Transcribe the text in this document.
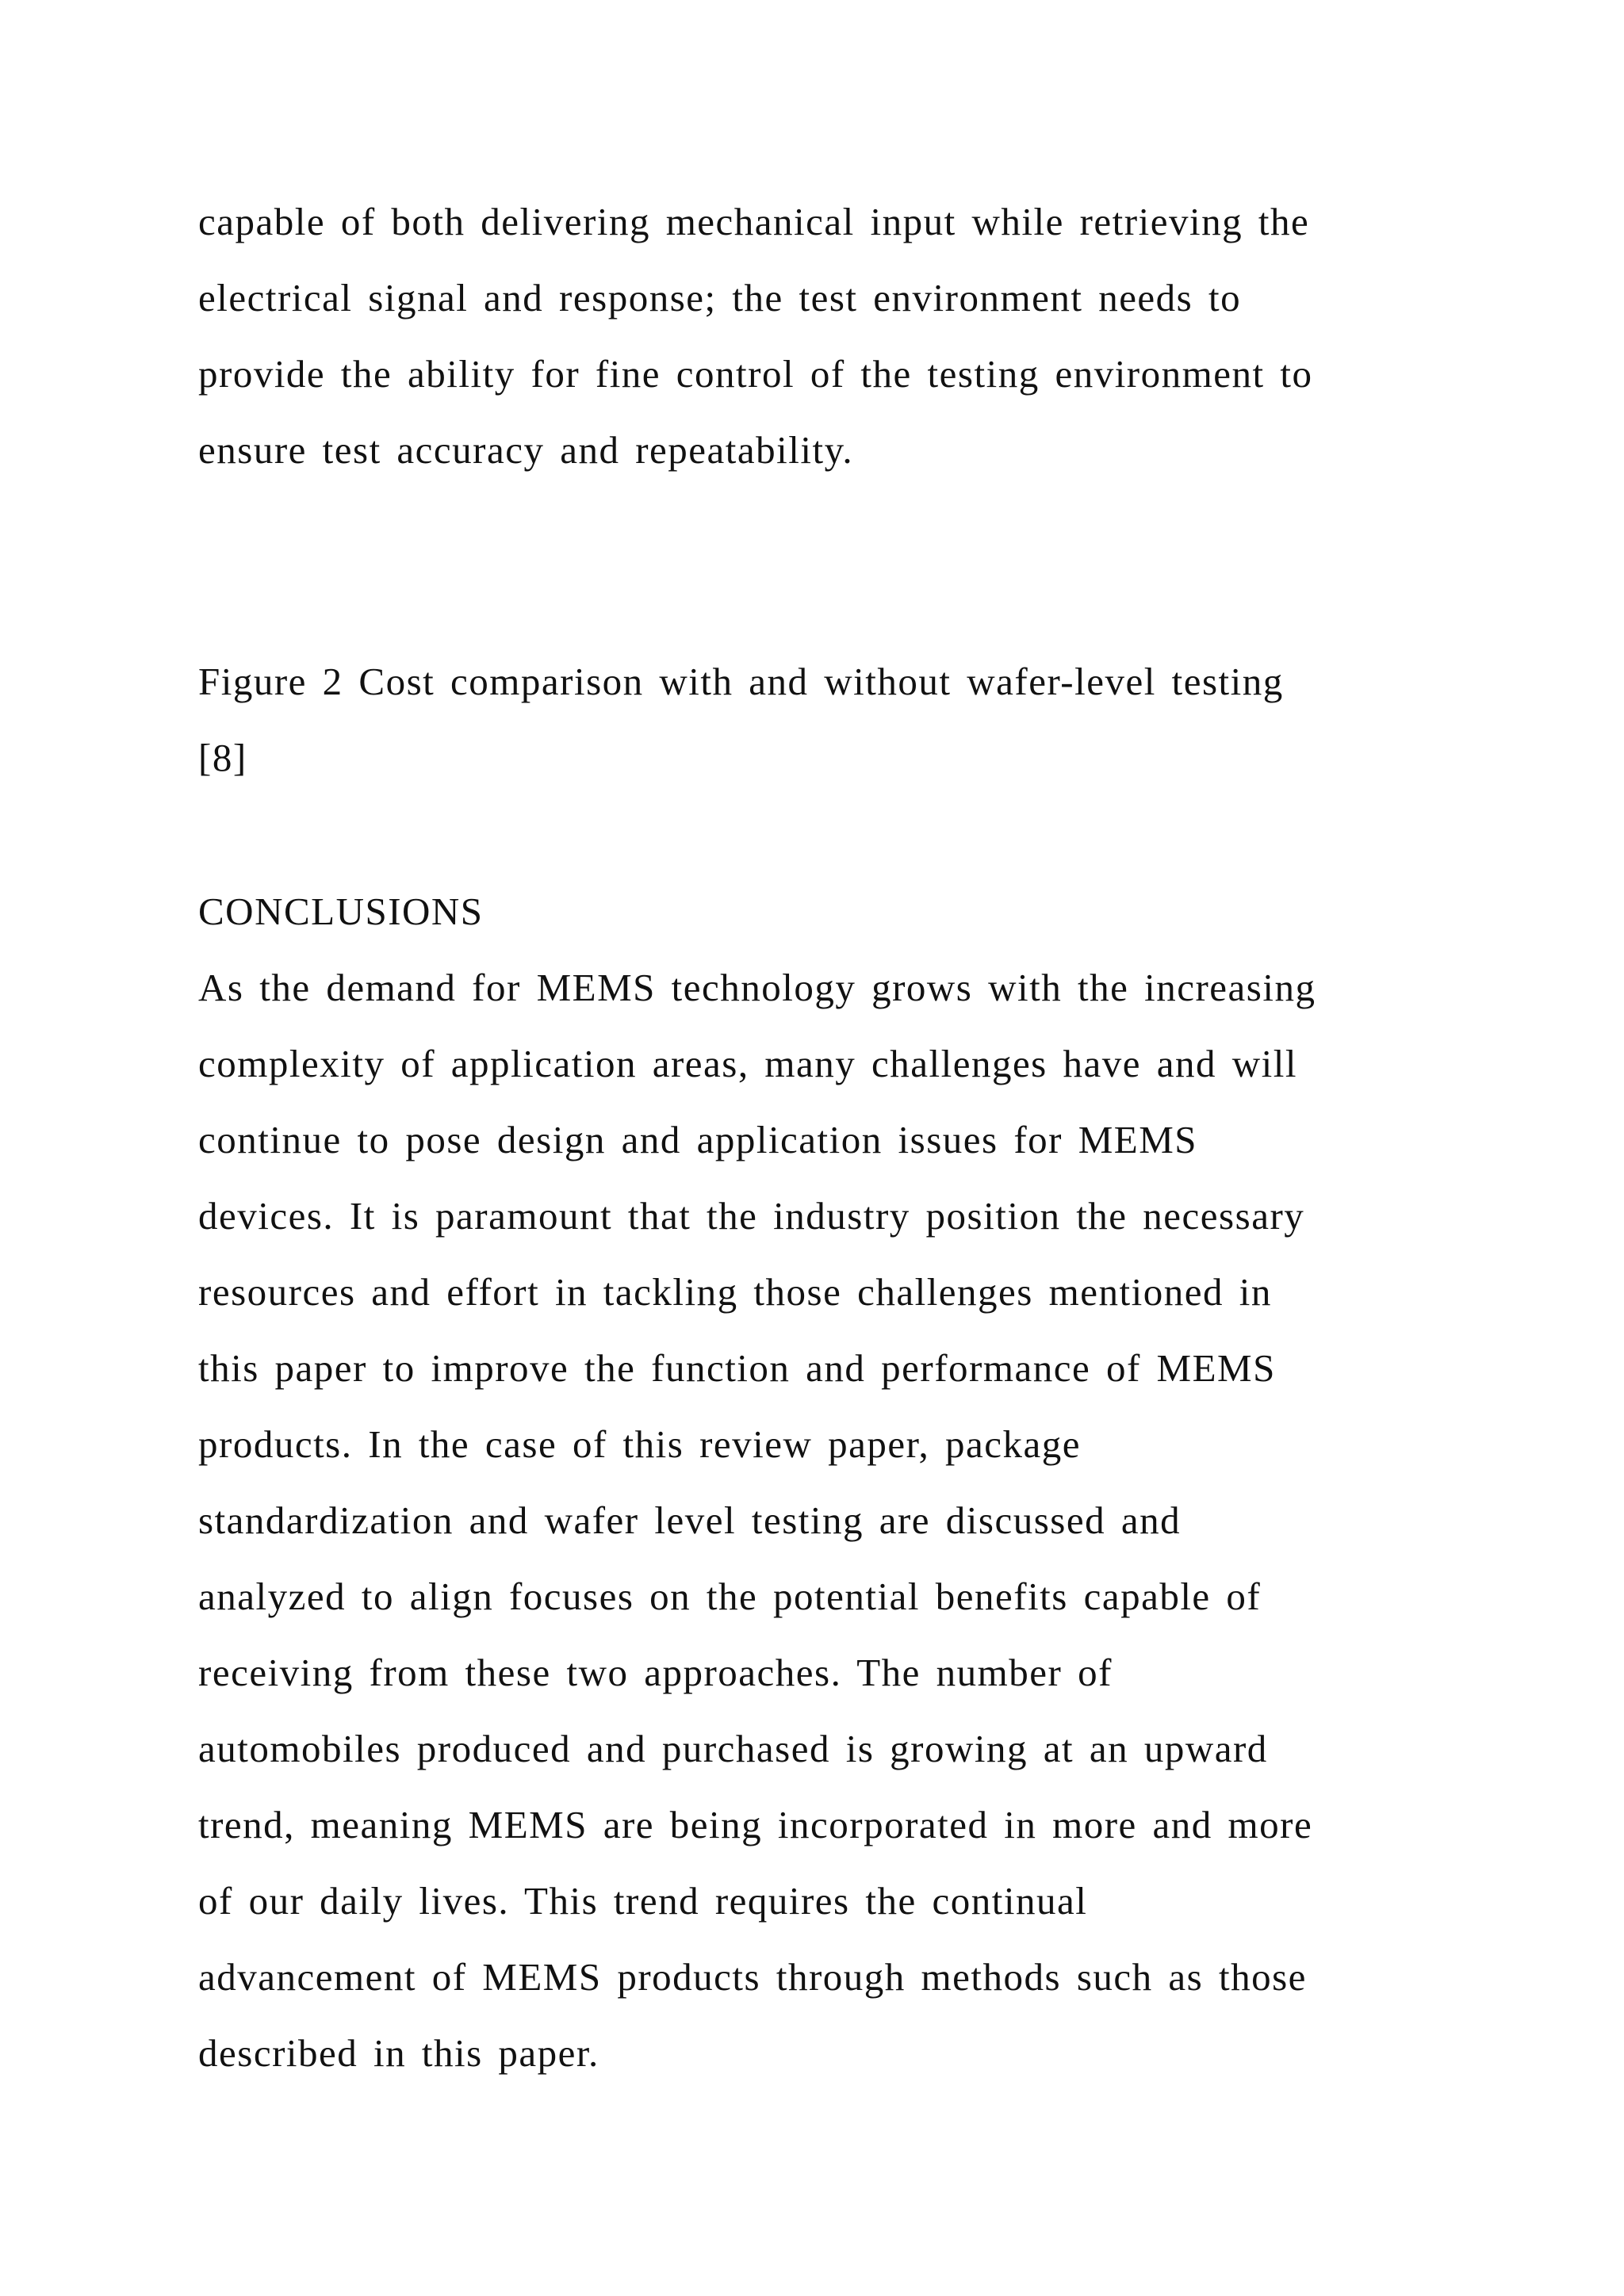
capable of both delivering mechanical input while retrieving the
electrical signal and response; the test environment needs to
provide the ability for fine control of the testing environment to
ensure test accuracy and repeatability.
Figure 2 Cost comparison with and without wafer-level testing
[8]
CONCLUSIONS
As the demand for MEMS technology grows with the increasing
complexity of application areas, many challenges have and will
continue to pose design and application issues for MEMS
devices. It is paramount that the industry position the necessary
resources and effort in tackling those challenges mentioned in
this paper to improve the function and performance of MEMS
products. In the case of this review paper, package
standardization and wafer level testing are discussed and
analyzed to align focuses on the potential benefits capable of
receiving from these two approaches. The number of
automobiles produced and purchased is growing at an upward
trend, meaning MEMS are being incorporated in more and more
of our daily lives. This trend requires the continual
advancement of MEMS products through methods such as those
described in this paper.
